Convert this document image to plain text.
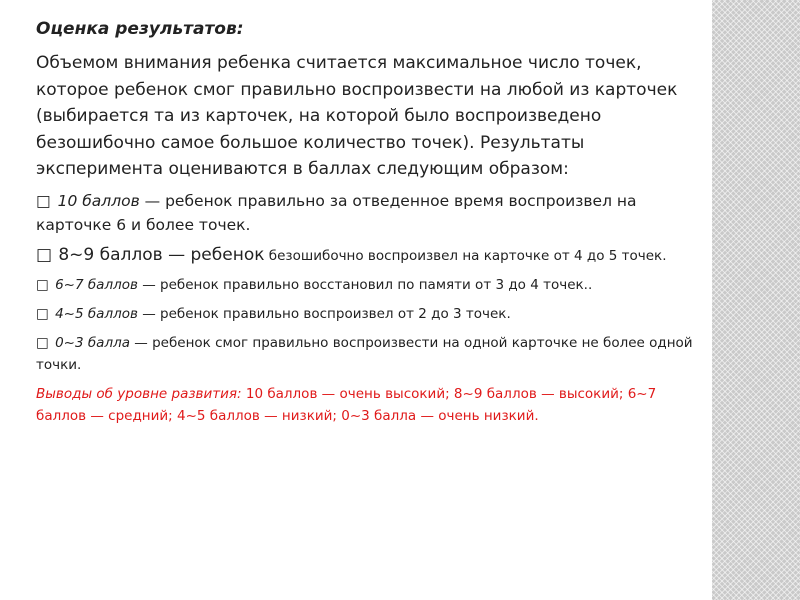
Оценка результатов:
Объемом внимания ребенка считается максимальное число точек, которое ребенок смог правильно воспроизвести на любой из карточек (выбирается та из карточек, на которой было воспроизведено безошибочно самое большое количество точек). Результаты эксперимента оцениваются в баллах следующим образом:
□ 10 баллов — ребенок правильно за отведенное время воспроизвел на карточке 6 и более точек.
□ 8~9 баллов — ребенок безошибочно воспроизвел на карточке от 4 до 5 точек.
□ 6~7 баллов — ребенок правильно восстановил по памяти от 3 до 4 точек..
□ 4~5 баллов — ребенок правильно воспроизвел от 2 до 3 точек.
□ 0~3 балла — ребенок смог правильно воспроизвести на одной карточке не более одной точки.
Выводы об уровне развития: 10 баллов — очень высокий; 8~9 баллов — высокий; 6~7 баллов — средний; 4~5 баллов — низкий; 0~3 балла — очень низкий.
